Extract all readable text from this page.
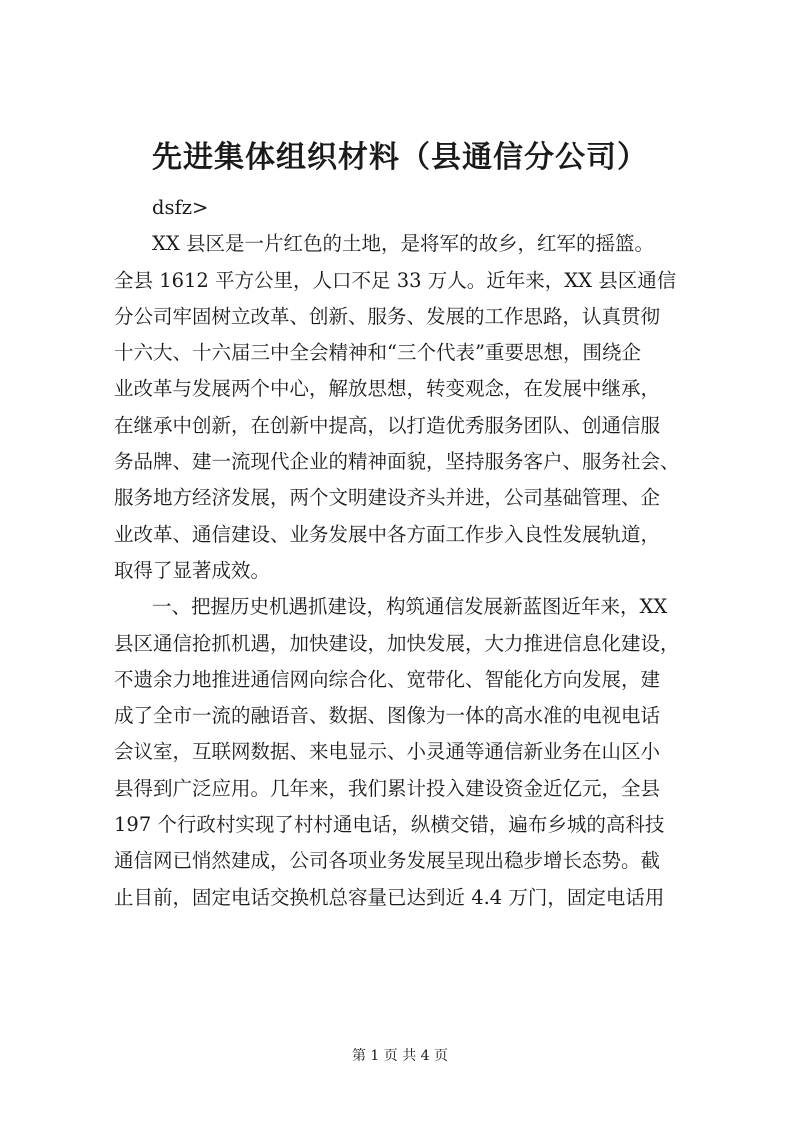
先进集体组织材料（县通信分公司）
dsfz>
XX 县区是一片红色的土地，是将军的故乡，红军的摇篮。
全县 1612 平方公里，人口不足 33 万人。近年来，XX 县区通信
分公司牢固树立改革、创新、服务、发展的工作思路，认真贯彻
十六大、十六届三中全会精神和“三个代表”重要思想，围绕企
业改革与发展两个中心，解放思想，转变观念，在发展中继承，
在继承中创新，在创新中提高，以打造优秀服务团队、创通信服
务品牌、建一流现代企业的精神面貌，坚持服务客户、服务社会、
服务地方经济发展，两个文明建设齐头并进，公司基础管理、企
业改革、通信建设、业务发展中各方面工作步入良性发展轨道，
取得了显著成效。
一、把握历史机遇抓建设，构筑通信发展新蓝图近年来，XX
县区通信抢抓机遇，加快建设，加快发展，大力推进信息化建设，
不遗余力地推进通信网向综合化、宽带化、智能化方向发展，建
成了全市一流的融语音、数据、图像为一体的高水准的电视电话
会议室，互联网数据、来电显示、小灵通等通信新业务在山区小
县得到广泛应用。几年来，我们累计投入建设资金近亿元，全县
197 个行政村实现了村村通电话，纵横交错，遍布乡城的高科技
通信网已悄然建成，公司各项业务发展呈现出稳步增长态势。截
止目前，固定电话交换机总容量已达到近 4.4 万门，固定电话用
第 1 页 共 4 页
